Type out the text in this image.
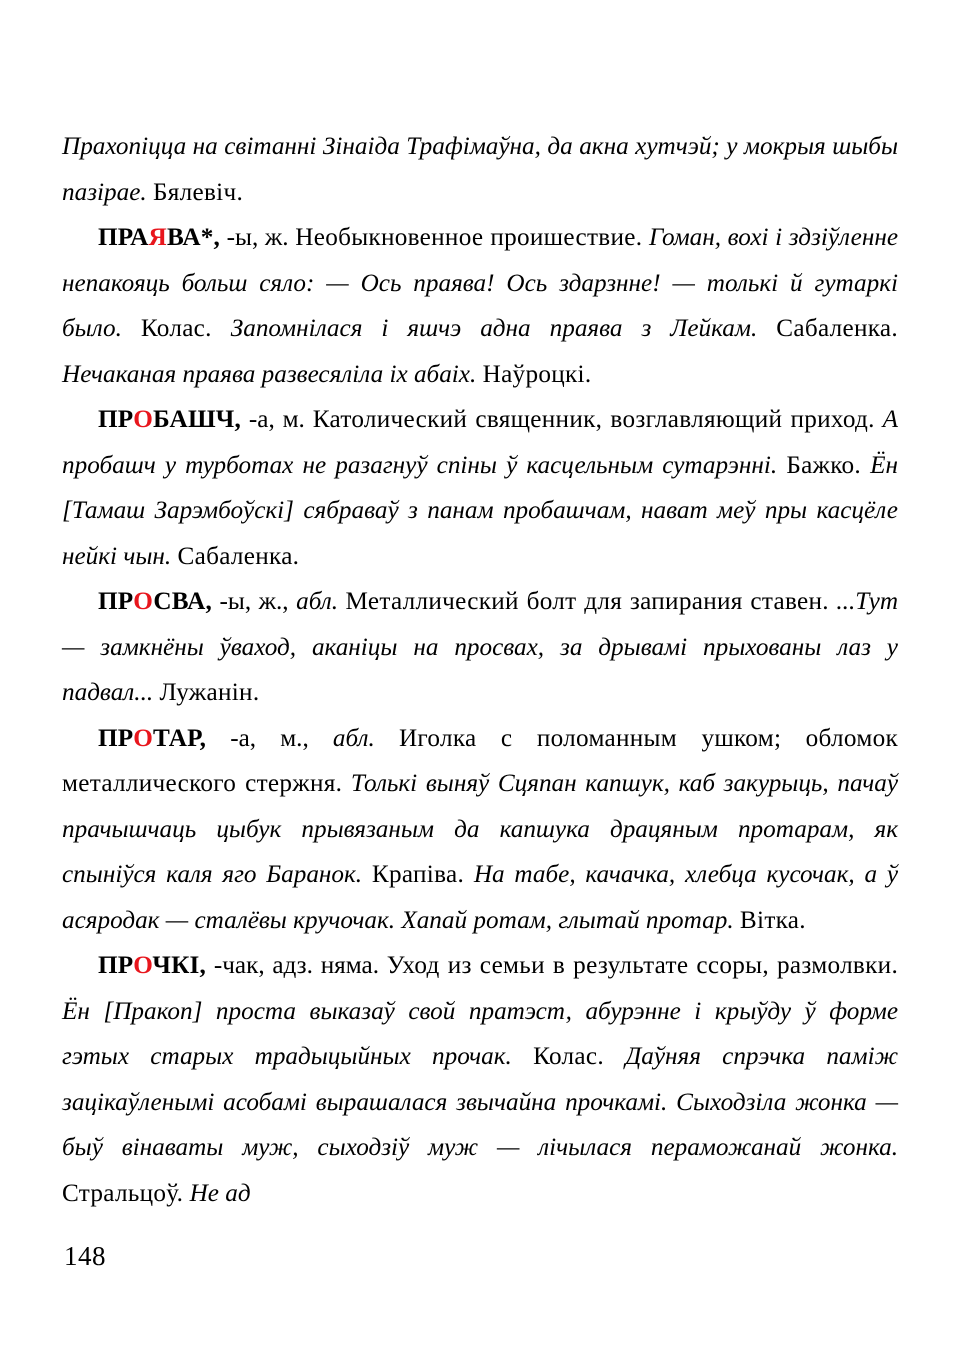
Прахопіцца на світанні Зінаіда Трафімаўна, да акна хутчэй; у мокрыя шыбы пазірае. Бялевіч.

ПРАЯВА*, -ы, ж. Необыкновенное проишествие. Гоман, вохі і здзіўленне непакояць больш сяло: — Ось праява! Ось здарзнне! — толькі й гутаркі было. Колас. Запомнілася і яшчэ адна праява з Лейкам. Сабаленка. Нечаканая праява развесяліла іх абаіх. Наўроцкі.

ПРОБАШЧ, -а, м. Католический священник, возглавляющий приход. А пробашч у турботах не разагнуў спіны ў касцельным сутарэнні. Бажко. Ён [Тамаш Зарэмбоўскі] сябраваў з панам пробашчам, нават меў пры касцёле нейкі чын. Сабаленка.

ПРОСВА, -ы, ж., абл. Металлический болт для запирания ставен. ...Тут — замкнёны ўваход, аканіцы на просвах, за дрывамі прыхованы лаз у падвал... Лужанін.

ПРОТАР, -а, м., абл. Иголка с поломанным ушком; обломок металлического стержня. Толькі выняў Сцяпан капшук, каб закурыць, пачаў прачышчаць цыбук прывязаным да капшука драцяным протарам, як спыніўся каля яго Баранок. Крапіва. На табе, качачка, хлебца кусочак, а ў асяродак — сталёвы кручочак. Хапай ротам, глытай протар. Вітка.

ПРОЧКІ, -чак, адз. няма. Уход из семьи в результате ссоры, размолвки. Ён [Пракоп] проста выказаў свой пратэст, абурэнне і крыўду ў форме гэтых старых традыцыйных прочак. Колас. Даўняя спрэчка паміж зацікаўленымі асобамі вырашалася звычайна прочкамі. Сыходзіла жонка — быў вінаваты муж, сыходзіў муж — лічылася пераможанай жонка. Стральцоў. Не ад

148
